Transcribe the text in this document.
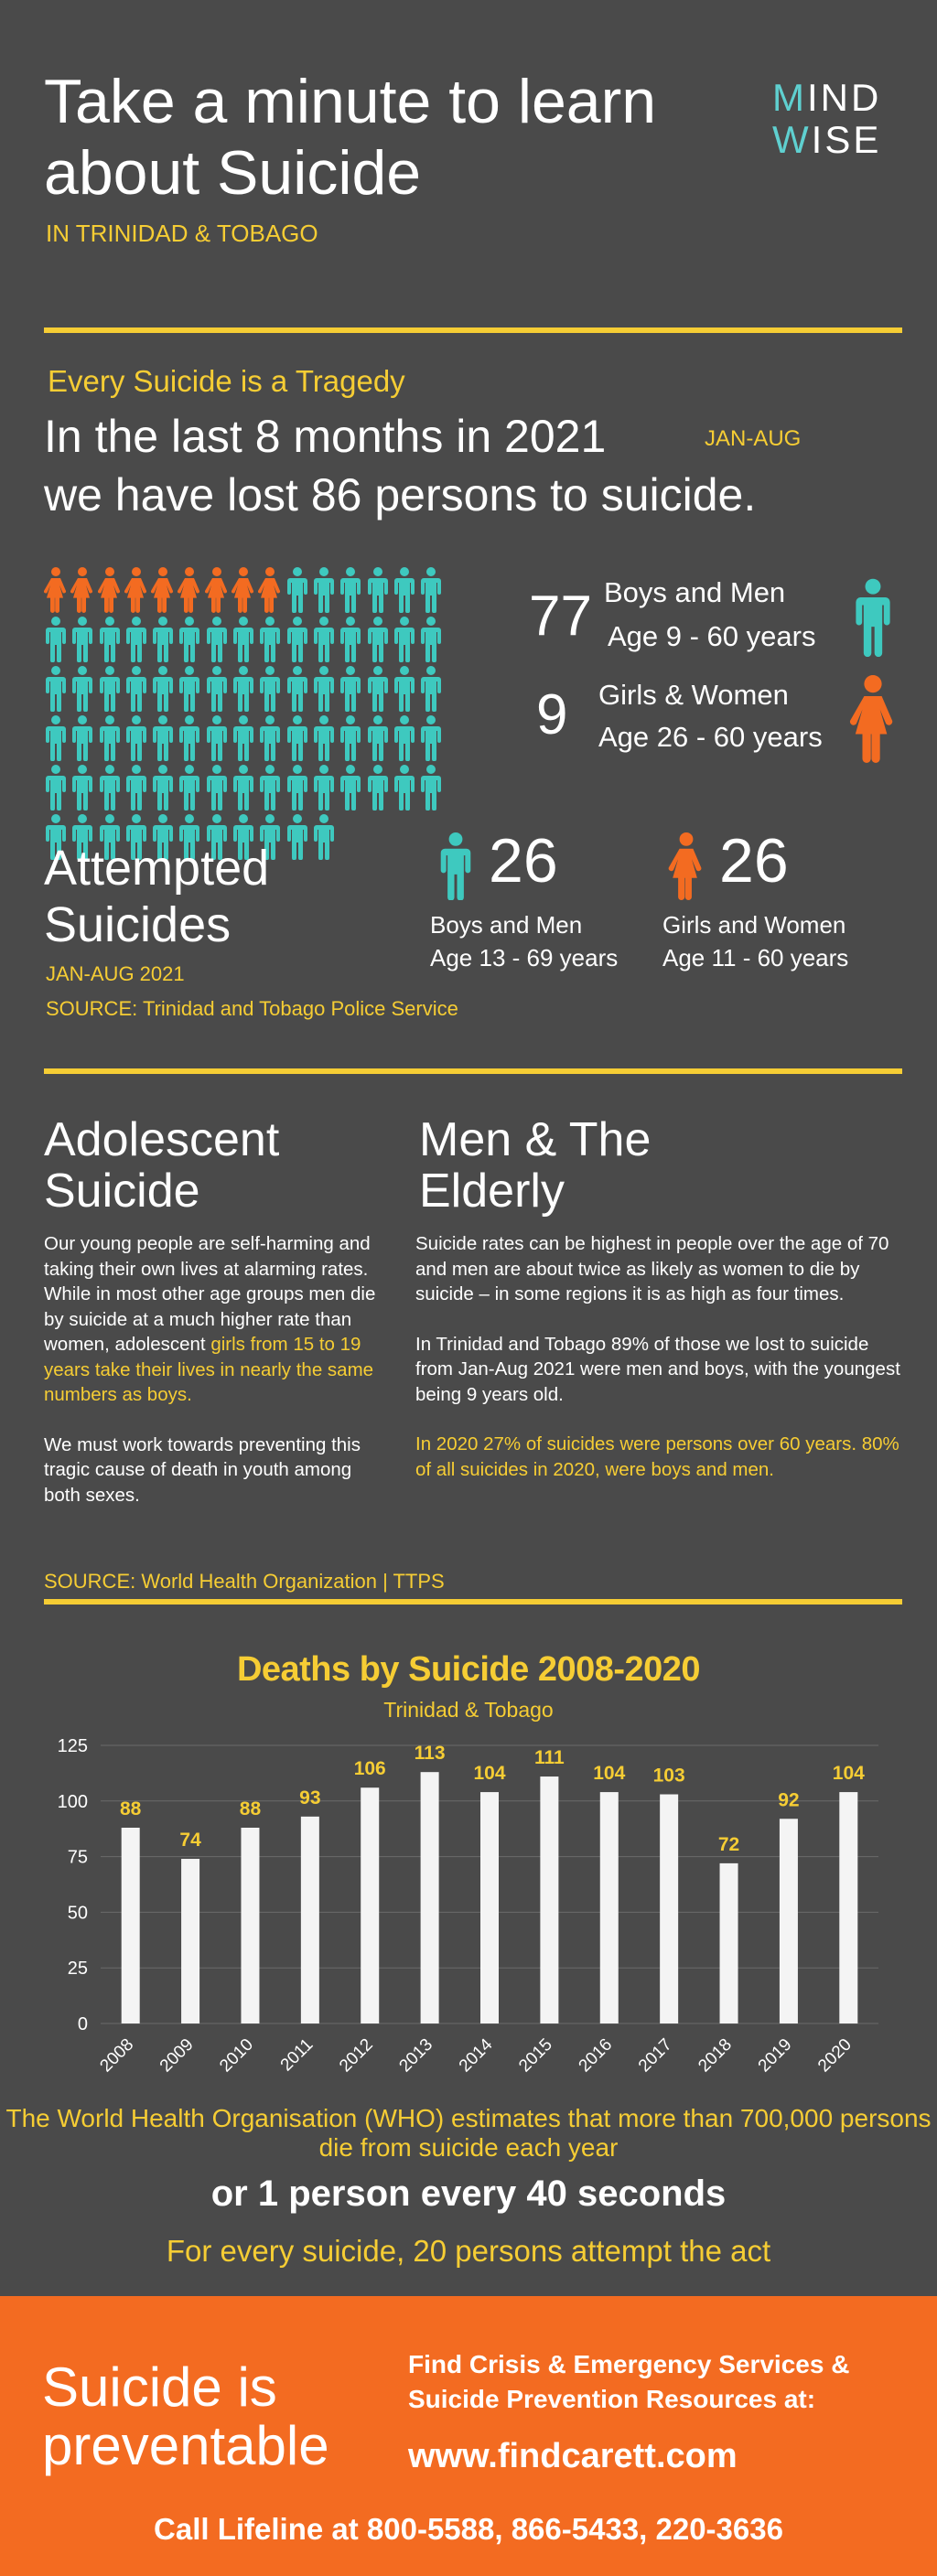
Take a minute to learn about Suicide
IN TRINIDAD & TOBAGO
MIND
WISE
Every Suicide is a Tragedy
In the last 8 months in 2021	JAN-AUG
we have lost 86 persons to suicide.
77 Boys and Men
Age 9 - 60 years
9 Girls & Women
Age 26 - 60 years
Attempted Suicides
JAN-AUG 2021
SOURCE: Trinidad and Tobago Police Service
26
Boys and Men
Age 13 - 69 years
26
Girls and Women
Age 11 - 60 years
Adolescent Suicide
Men & The Elderly

Our young people are self-harming and taking their own lives at alarming rates. While in most other age groups men die by suicide at a much higher rate than women, adolescent girls from 15 to 19 years take their lives in nearly the same numbers as boys.

We must work towards preventing this tragic cause of death in youth among both sexes.

Suicide rates can be highest in people over the age of 70 and men are about twice as likely as women to die by suicide – in some regions it is as high as four times.

In Trinidad and Tobago 89% of those we lost to suicide from Jan-Aug 2021 were men and boys, with the youngest being 9 years old.

In 2020 27% of suicides were persons over 60 years. 80% of all suicides in 2020, were boys and men.

SOURCE: World Health Organization | TTPS
Deaths by Suicide 2008-2020
Trinidad & Tobago
0
25
50
75
100
125
88
2008
74
2009
88
2010
93
2011
106
2012
113
2013
104
2014
111
2015
104
2016
103
2017
72
2018
92
2019
104
2020
The World Health Organisation (WHO) estimates that more than 700,000 persons die from suicide each year
or 1 person every 40 seconds
For every suicide, 20 persons attempt the act
Suicide is preventable
Find Crisis & Emergency Services & Suicide Prevention Resources at:
www.findcarett.com
Call Lifeline at 800-5588, 866-5433, 220-3636
